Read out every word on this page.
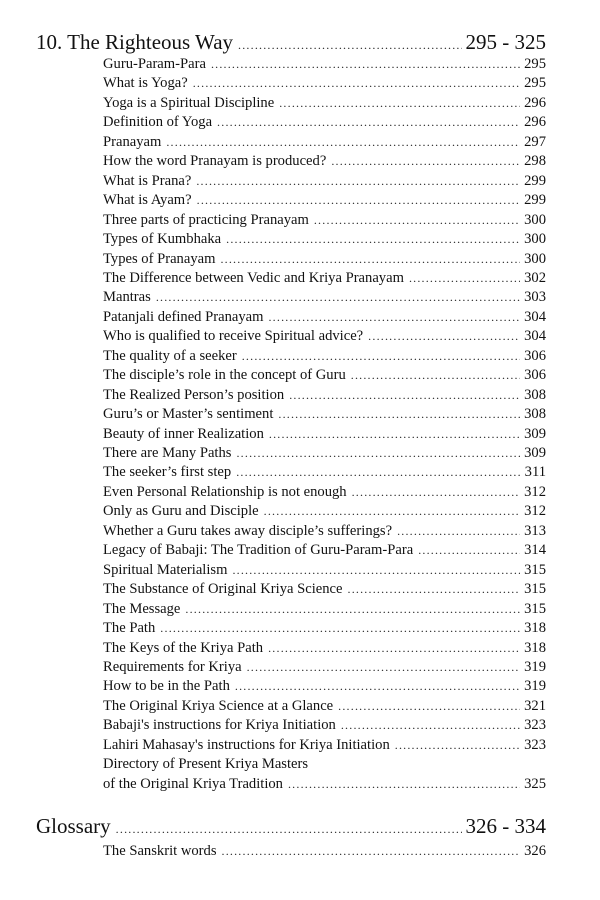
10. The Righteous Way .....	295 - 325
Guru-Param-Para .....	295
What is Yoga? .....	295
Yoga is a Spiritual Discipline .....	296
Definition of Yoga .....	296
Pranayam .....	297
How the word Pranayam is produced? .....	298
What is Prana? .....	299
What is Ayam? .....	299
Three parts of practicing Pranayam .....	300
Types of Kumbhaka .....	300
Types of Pranayam .....	300
The Difference between Vedic and Kriya Pranayam .....	302
Mantras .....	303
Patanjali defined Pranayam .....	304
Who is qualified to receive Spiritual advice? .....	304
The quality of a seeker .....	306
The disciple’s role in the concept of Guru .....	306
The Realized Person’s position .....	308
Guru’s or Master’s sentiment .....	308
Beauty of inner Realization .....	309
There are Many Paths .....	309
The seeker’s first step .....	311
Even Personal Relationship is not enough .....	312
Only as Guru and Disciple .....	312
Whether a Guru takes away disciple’s sufferings? .....	313
Legacy of Babaji: The Tradition of Guru-Param-Para .....	314
Spiritual Materialism .....	315
The Substance of Original Kriya Science .....	315
The Message .....	315
The Path .....	318
The Keys of the Kriya Path .....	318
Requirements for Kriya .....	319
How to be in the Path .....	319
The Original Kriya Science at a Glance .....	321
Babaji's instructions for Kriya Initiation .....	323
Lahiri Mahasay's instructions for Kriya Initiation .....	323
Directory of Present Kriya Masters
of the Original Kriya Tradition .....	325
Glossary .....	326 - 334
The Sanskrit words .....	326
